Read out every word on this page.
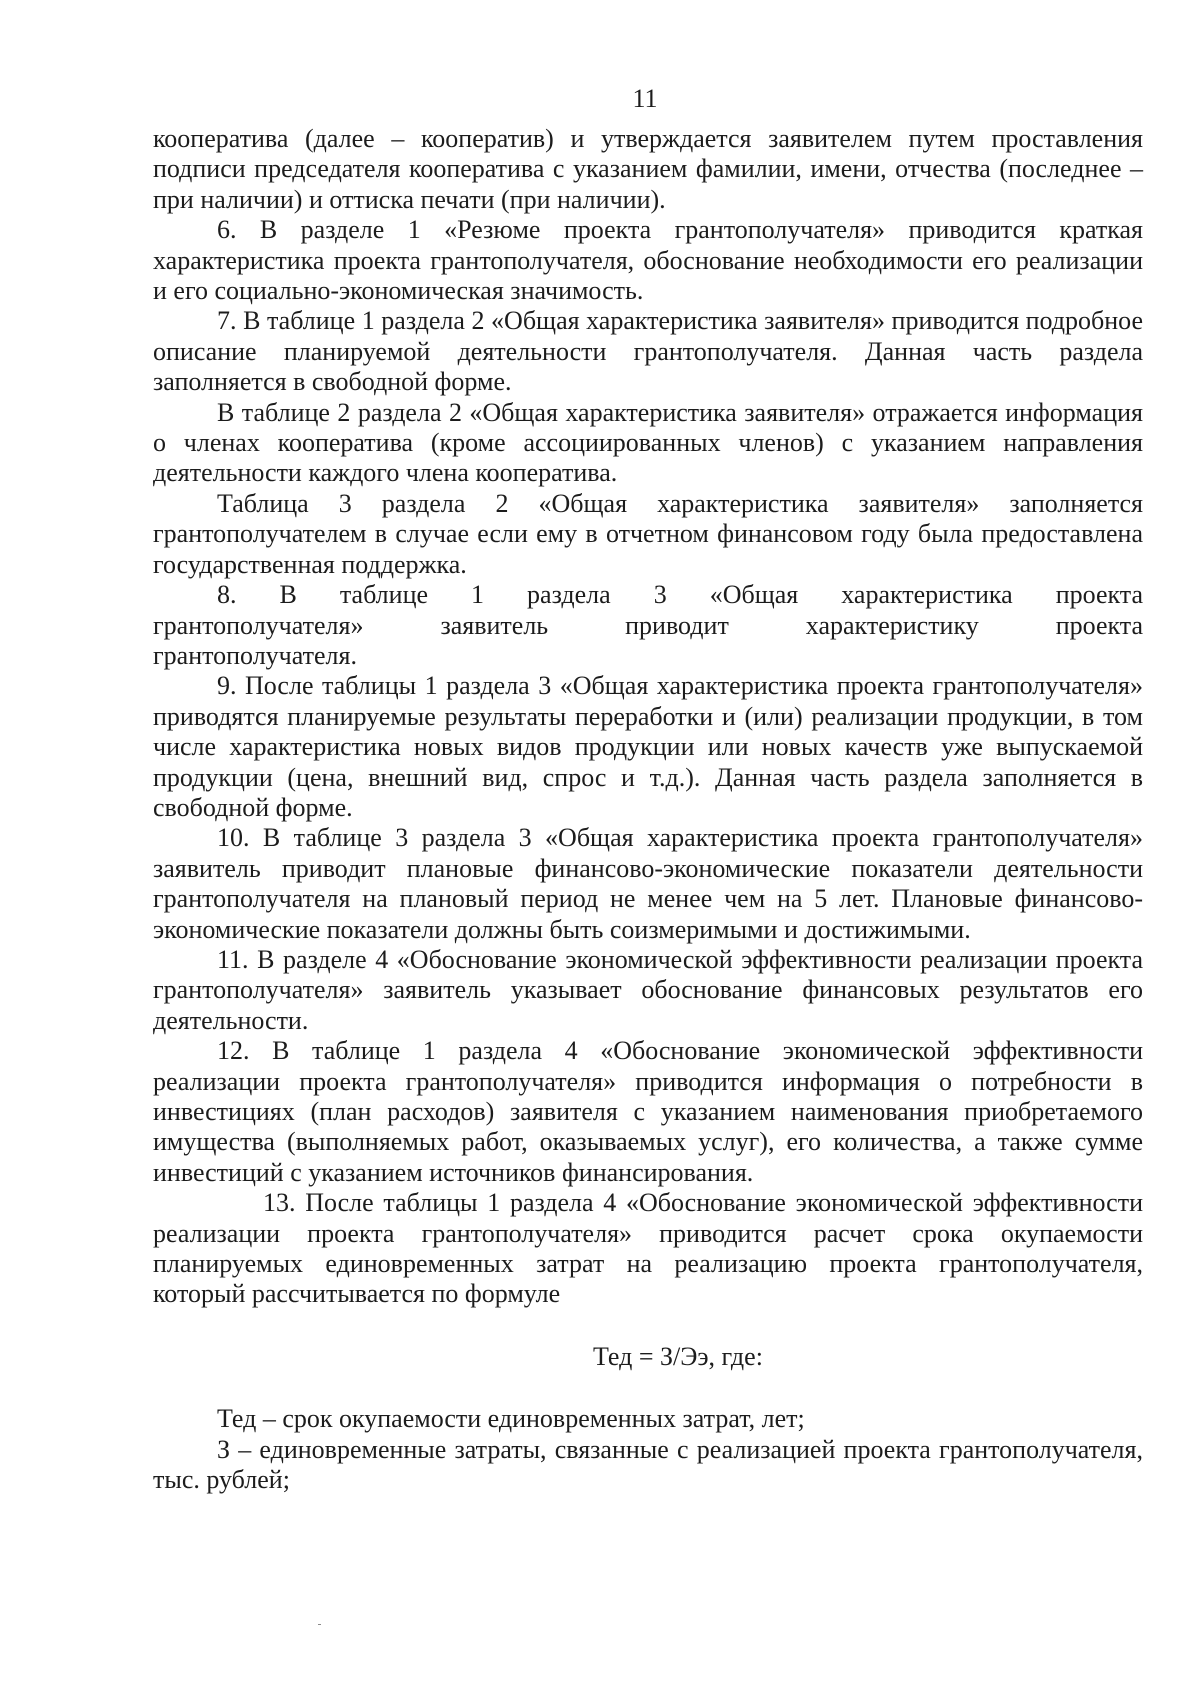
11

кооператива (далее – кооператив) и утверждается заявителем путем проставления подписи председателя кооператива с указанием фамилии, имени, отчества (последнее – при наличии) и оттиска печати (при наличии).

6. В разделе 1 «Резюме проекта грантополучателя» приводится краткая характеристика проекта грантополучателя, обоснование необходимости его реализации и его социально-экономическая значимость.

7. В таблице 1 раздела 2 «Общая характеристика заявителя» приводится подробное описание планируемой деятельности грантополучателя. Данная часть раздела заполняется в свободной форме.

В таблице 2 раздела 2 «Общая характеристика заявителя» отражается информация о членах кооператива (кроме ассоциированных членов) с указанием направления деятельности каждого члена кооператива.

Таблица 3 раздела 2 «Общая характеристика заявителя» заполняется грантополучателем в случае если ему в отчетном финансовом году была предоставлена государственная поддержка.

8. В таблице 1 раздела 3 «Общая характеристика проекта

грантополучателя» заявитель приводит характеристику проекта

грантополучателя.

9. После таблицы 1 раздела 3 «Общая характеристика проекта грантополучателя» приводятся планируемые результаты переработки и (или) реализации продукции, в том числе характеристика новых видов продукции или новых качеств уже выпускаемой продукции (цена, внешний вид, спрос и т.д.). Данная часть раздела заполняется в свободной форме.

10. В таблице 3 раздела 3 «Общая характеристика проекта грантополучателя» заявитель приводит плановые финансово-экономические показатели деятельности грантополучателя на плановый период не менее чем на 5 лет. Плановые финансово-экономические показатели должны быть соизмеримыми и достижимыми.

11. В разделе 4 «Обоснование экономической эффективности реализации проекта грантополучателя» заявитель указывает обоснование финансовых результатов его деятельности.

12. В таблице 1 раздела 4 «Обоснование экономической эффективности реализации проекта грантополучателя» приводится информация о потребности в инвестициях (план расходов) заявителя с указанием наименования приобретаемого имущества (выполняемых работ, оказываемых услуг), его количества, а также сумме инвестиций с указанием источников финансирования.

13. После таблицы 1 раздела 4 «Обоснование экономической эффективности реализации проекта грантополучателя» приводится расчет срока окупаемости планируемых единовременных затрат на реализацию проекта грантополучателя, который рассчитывается по формуле

Тед = З/Ээ, где:

Тед – срок окупаемости единовременных затрат, лет;

З – единовременные затраты, связанные с реализацией проекта грантополучателя, тыс. рублей;
